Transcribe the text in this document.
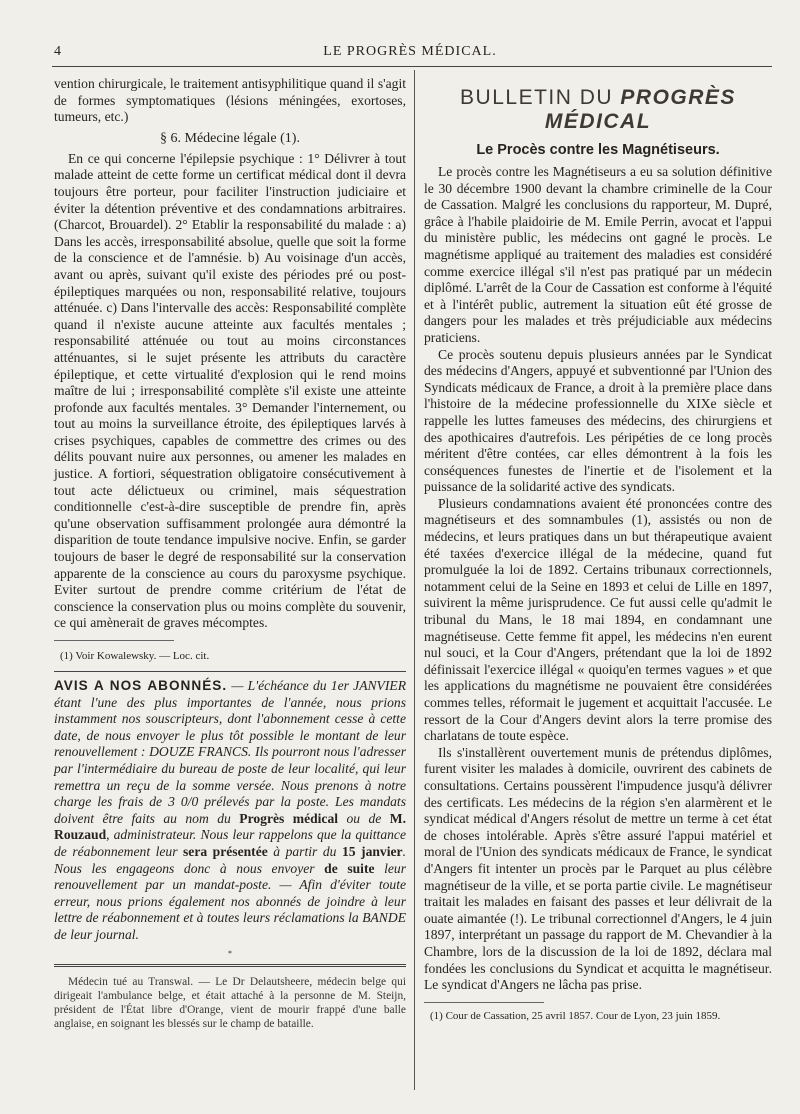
4	LE PROGRÈS MÉDICAL.

vention chirurgicale, le traitement antisyphilitique quand il s'agit de formes symptomatiques (lésions méningées, exortoses, tumeurs, etc.)

§ 6. Médecine légale (1).

En ce qui concerne l'épilepsie psychique : 1° Délivrer à tout malade atteint de cette forme un certificat médical dont il devra toujours être porteur, pour faciliter l'instruction judiciaire et éviter la détention préventive et des condamnations arbitraires. (Charcot, Brouardel). 2° Etablir la responsabilité du malade : a) Dans les accès, irresponsabilité absolue, quelle que soit la forme de la conscience et de l'amnésie. b) Au voisinage d'un accès, avant ou après, suivant qu'il existe des périodes pré ou post-épileptiques marquées ou non, responsabilité relative, toujours atténuée. c) Dans l'intervalle des accès: Responsabilité complète quand il n'existe aucune atteinte aux facultés mentales ; responsabilité atténuée ou tout au moins circonstances atténuantes, si le sujet présente les attributs du caractère épileptique, et cette virtualité d'explosion qui le rend moins maître de lui ; irresponsabilité complète s'il existe une atteinte profonde aux facultés mentales. 3° Demander l'internement, ou tout au moins la surveillance étroite, des épileptiques larvés à crises psychiques, capables de commettre des crimes ou des délits pouvant nuire aux personnes, ou amener les malades en justice. A fortiori, séquestration obligatoire consécutivement à tout acte délictueux ou criminel, mais séquestration conditionnelle c'est-à-dire susceptible de prendre fin, après qu'une observation suffisamment prolongée aura démontré la disparition de toute tendance impulsive nocive. Enfin, se garder toujours de baser le degré de responsabilité sur la conservation apparente de la conscience au cours du paroxysme psychique. Eviter surtout de prendre comme critérium de l'état de conscience la conservation plus ou moins complète du souvenir, ce qui amènerait de graves mécomptes.

(1) Voir Kowalewsky. — Loc. cit.

AVIS A NOS ABONNÉS. — L'échéance du 1er JANVIER étant l'une des plus importantes de l'année, nous prions instamment nos souscripteurs, dont l'abonnement cesse à cette date, de nous envoyer le plus tôt possible le montant de leur renouvellement : DOUZE FRANCS. Ils pourront nous l'adresser par l'intermédiaire du bureau de poste de leur localité, qui leur remettra un reçu de la somme versée. Nous prenons à notre charge les frais de 3 0/0 prélevés par la poste. Les mandats doivent être faits au nom du Progrès médical ou de M. Rouzaud, administrateur. Nous leur rappelons que la quittance de réabonnement leur sera présentée à partir du 15 janvier. Nous les engageons donc à nous envoyer de suite leur renouvellement par un mandat-poste. — Afin d'éviter toute erreur, nous prions également nos abonnés de joindre à leur lettre de réabonnement et à toutes leurs réclamations la BANDE de leur journal.

*

Médecin tué au Transwal. — Le Dr Delautsheere, médecin belge qui dirigeait l'ambulance belge, et était attaché à la personne de M. Steijn, président de l'État libre d'Orange, vient de mourir frappé d'une balle anglaise, en soignant les blessés sur le champ de bataille.

BULLETIN DU PROGRÈS MÉDICAL
Le Procès contre les Magnétiseurs.

Le procès contre les Magnétiseurs a eu sa solution définitive le 30 décembre 1900 devant la chambre criminelle de la Cour de Cassation. Malgré les conclusions du rapporteur, M. Dupré, grâce à l'habile plaidoirie de M. Emile Perrin, avocat et l'appui du ministère public, les médecins ont gagné le procès. Le magnétisme appliqué au traitement des maladies est considéré comme exercice illégal s'il n'est pas pratiqué par un médecin diplômé. L'arrêt de la Cour de Cassation est conforme à l'équité et à l'intérêt public, autrement la situation eût été grosse de dangers pour les malades et très préjudiciable aux médecins praticiens.

Ce procès soutenu depuis plusieurs années par le Syndicat des médecins d'Angers, appuyé et subventionné par l'Union des Syndicats médicaux de France, a droit à la première place dans l'histoire de la médecine professionnelle du XIXe siècle et rappelle les luttes fameuses des médecins, des chirurgiens et des apothicaires d'autrefois. Les péripéties de ce long procès méritent d'être contées, car elles démontrent à la fois les conséquences funestes de l'inertie et de l'isolement et la puissance de la solidarité active des syndicats.

Plusieurs condamnations avaient été prononcées contre des magnétiseurs et des somnambules (1), assistés ou non de médecins, et leurs pratiques dans un but thérapeutique avaient été taxées d'exercice illégal de la médecine, quand fut promulguée la loi de 1892. Certains tribunaux correctionnels, notamment celui de la Seine en 1893 et celui de Lille en 1897, suivirent la même jurisprudence. Ce fut aussi celle qu'admit le tribunal du Mans, le 18 mai 1894, en condamnant une magnétiseuse. Cette femme fit appel, les médecins n'en eurent nul souci, et la Cour d'Angers, prétendant que la loi de 1892 définissait l'exercice illégal « quoiqu'en termes vagues » et que les applications du magnétisme ne pouvaient être considérées commes telles, réformait le jugement et acquittait l'accusée. Le ressort de la Cour d'Angers devint alors la terre promise des charlatans de toute espèce.

Ils s'installèrent ouvertement munis de prétendus diplômes, furent visiter les malades à domicile, ouvrirent des cabinets de consultations. Certains poussèrent l'impudence jusqu'à délivrer des certificats. Les médecins de la région s'en alarmèrent et le syndicat médical d'Angers résolut de mettre un terme à cet état de choses intolérable. Après s'être assuré l'appui matériel et moral de l'Union des syndicats médicaux de France, le syndicat d'Angers fit intenter un procès par le Parquet au plus célèbre magnétiseur de la ville, et se porta partie civile. Le magnétiseur traitait les malades en faisant des passes et leur délivrait de la ouate aimantée (!). Le tribunal correctionnel d'Angers, le 4 juin 1897, interprétant un passage du rapport de M. Chevandier à la Chambre, lors de la discussion de la loi de 1892, déclara mal fondées les conclusions du Syndicat et acquitta le magnétiseur. Le syndicat d'Angers ne lâcha pas prise.

(1) Cour de Cassation, 25 avril 1857. Cour de Lyon, 23 juin 1859.
